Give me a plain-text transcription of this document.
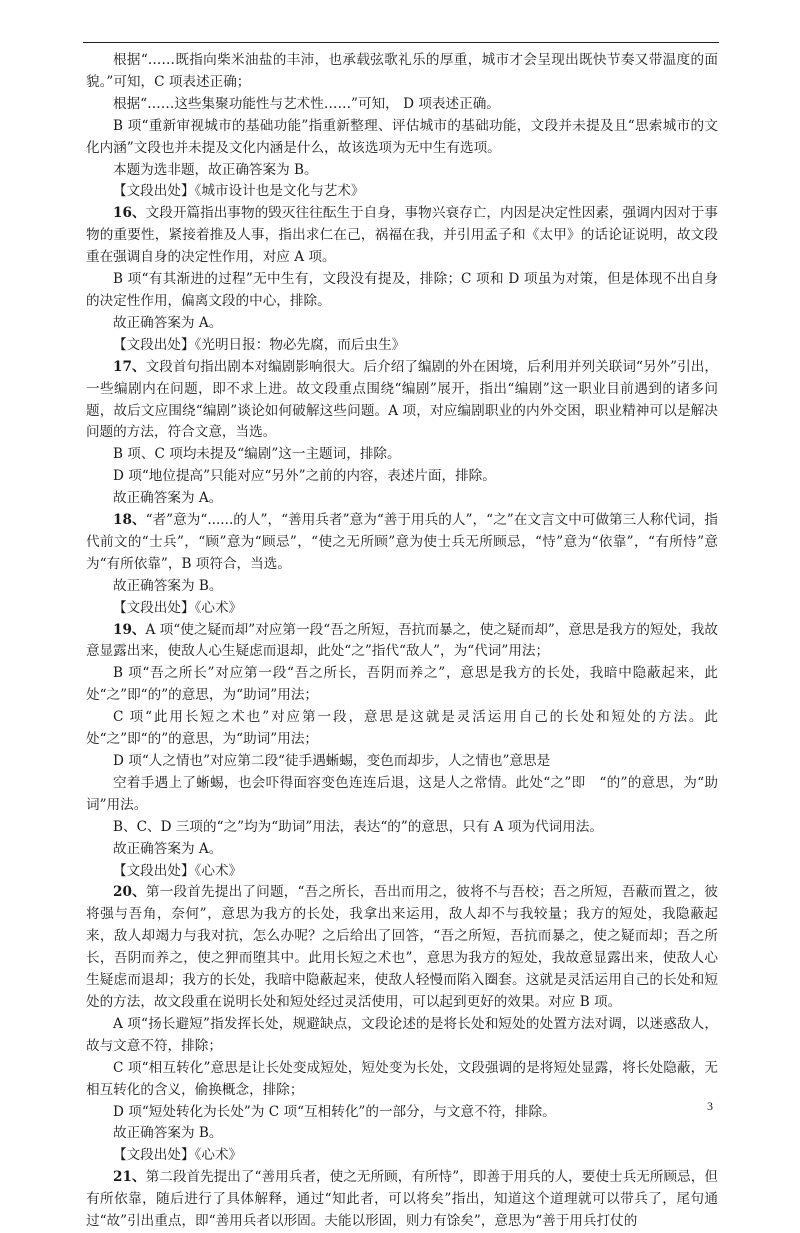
根据“……既指向柴米油盐的丰沛，也承载弦歌礼乐的厚重，城市才会呈现出既快节奏又带温度的面貌。”可知，C 项表述正确；

根据“……这些集聚功能性与艺术性……”可知， D 项表述正确。

B 项“重新审视城市的基础功能”指重新整理、评估城市的基础功能，文段并未提及且“思索城市的文化内涵”文段也并未提及文化内涵是什么，故该选项为无中生有选项。

本题为选非题，故正确答案为 B。

【文段出处】《城市设计也是文化与艺术》

16、文段开篇指出事物的毁灭往往酝生于自身，事物兴衰存亡，内因是决定性因素，强调内因对于事物的重要性，紧接着推及人事，指出求仁在己，祸福在我，并引用孟子和《太甲》的话论证说明，故文段重在强调自身的决定性作用，对应 A 项。

B 项“有其渐进的过程”无中生有，文段没有提及，排除；C 项和 D 项虽为对策，但是体现不出自身的决定性作用，偏离文段的中心，排除。

故正确答案为 A。

【文段出处】《光明日报：物必先腐，而后虫生》

17、文段首句指出剧本对编剧影响很大。后介绍了编剧的外在困境，后利用并列关联词“另外”引出，一些编剧内在问题，即不求上进。故文段重点围绕“编剧”展开，指出“编剧”这一职业目前遇到的诸多问题，故后文应围绕“编剧”谈论如何破解这些问题。A 项，对应编剧职业的内外交困，职业精神可以是解决问题的方法，符合文意，当选。

B 项、C 项均未提及“编剧”这一主题词，排除。

D 项“地位提高”只能对应“另外”之前的内容，表述片面，排除。

故正确答案为 A。

18、“者”意为“......的人”，“善用兵者”意为“善于用兵的人”，“之”在文言文中可做第三人称代词，指代前文的“士兵”，“顾”意为“顾忌”，“使之无所顾”意为使士兵无所顾忌，“恃”意为“依靠”，“有所恃”意为“有所依靠”，B 项符合，当选。

故正确答案为 B。

【文段出处】《心术》

19、A 项“使之疑而却”对应第一段“吾之所短，吾抗而暴之，使之疑而却”，意思是我方的短处，我故意显露出来，使敌人心生疑虑而退却，此处“之”指代“敌人”，为“代词”用法；

B 项“吾之所长”对应第一段“吾之所长，吾阴而养之”，意思是我方的长处，我暗中隐蔽起来，此处“之”即“的”的意思，为“助词”用法；

C 项“此用长短之术也”对应第一段，意思是这就是灵活运用自己的长处和短处的方法。此处“之”即“的”的意思，为“助词”用法；

D 项“人之情也”对应第二段“徒手遇蜥蜴，变色而却步，人之情也”意思是

空着手遇上了蜥蜴，也会吓得面容变色连连后退，这是人之常情。此处“之”即　“的”的意思，为“助词”用法。

B、C、D 三项的“之”均为“助词”用法，表达“的”的意思，只有 A 项为代词用法。

故正确答案为 A。

【文段出处】《心术》

20、第一段首先提出了问题，“吾之所长，吾出而用之，彼将不与吾校；吾之所短，吾蔽而置之，彼将强与吾角，奈何”，意思为我方的长处，我拿出来运用，敌人却不与我较量；我方的短处，我隐蔽起来，敌人却竭力与我对抗，怎么办呢？之后给出了回答，“吾之所短，吾抗而暴之，使之疑而却；吾之所长，吾阴而养之，使之狎而堕其中。此用长短之术也”，意思为我方的短处，我故意显露出来，使敌人心生疑虑而退却；我方的长处，我暗中隐蔽起来，使敌人轻慢而陷入圈套。这就是灵活运用自己的长处和短处的方法，故文段重在说明长处和短处经过灵活使用，可以起到更好的效果。对应 B 项。

A 项“扬长避短”指发挥长处，规避缺点，文段论述的是将长处和短处的处置方法对调，以迷惑敌人，故与文意不符，排除；

C 项“相互转化”意思是让长处变成短处，短处变为长处，文段强调的是将短处显露，将长处隐蔽，无相互转化的含义，偷换概念，排除；

D 项“短处转化为长处”为 C 项“互相转化”的一部分，与文意不符，排除。

故正确答案为 B。

【文段出处】《心术》

21、第二段首先提出了“善用兵者，使之无所顾，有所恃”，即善于用兵的人，要使士兵无所顾忌，但有所依靠，随后进行了具体解释，通过“知此者，可以将矣”指出，知道这个道理就可以带兵了，尾句通过“故”引出重点，即“善用兵者以形固。夫能以形固，则力有馀矣”，意思为“善于用兵打仗的

3
